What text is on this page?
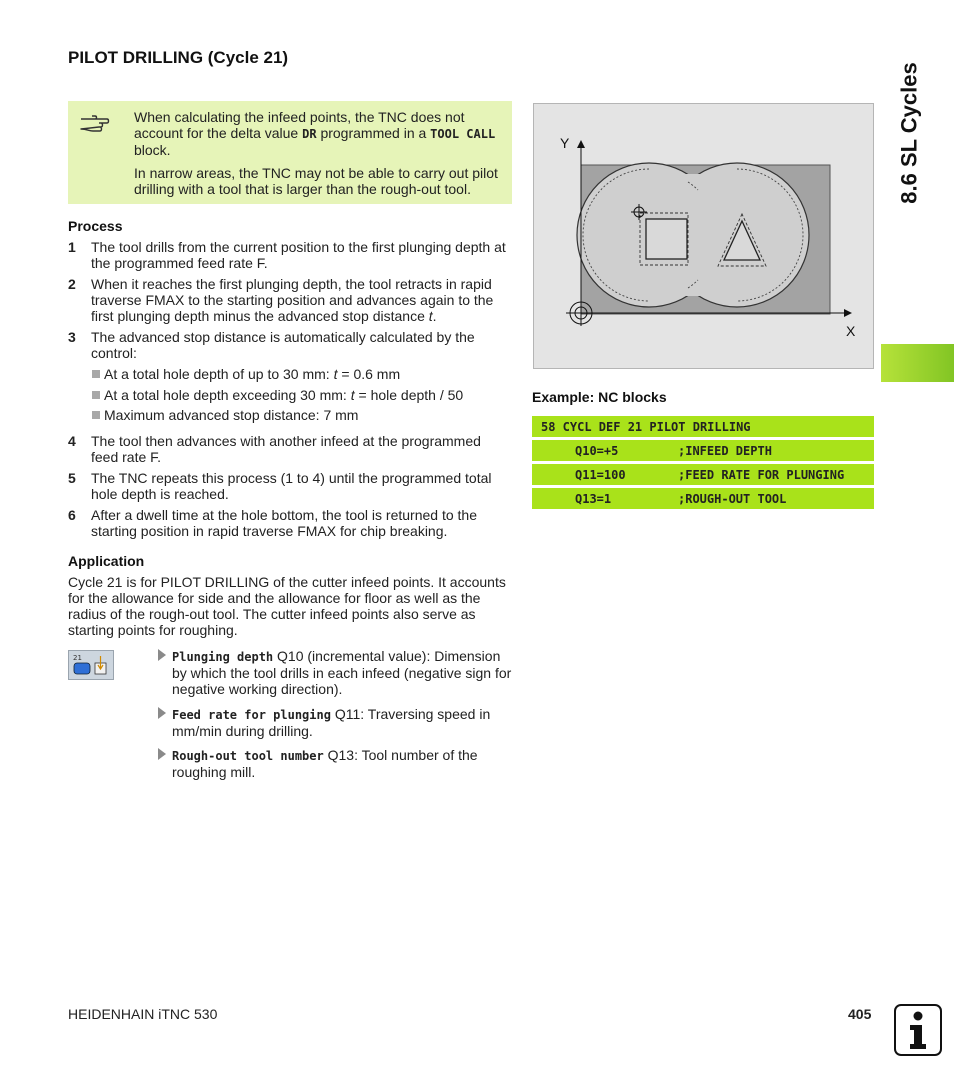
PILOT DRILLING (Cycle 21)
8.6 SL Cycles
When calculating the infeed points, the TNC does not account for the delta value DR programmed in a TOOL CALL block.
In narrow areas, the TNC may not be able to carry out pilot drilling with a tool that is larger than the rough-out tool.
Process
1 The tool drills from the current position to the first plunging depth at the programmed feed rate F.
2 When it reaches the first plunging depth, the tool retracts in rapid traverse FMAX to the starting position and advances again to the first plunging depth minus the advanced stop distance t.
3 The advanced stop distance is automatically calculated by the control:
At a total hole depth of up to 30 mm: t = 0.6 mm
At a total hole depth exceeding 30 mm: t = hole depth / 50
Maximum advanced stop distance: 7 mm
4 The tool then advances with another infeed at the programmed feed rate F.
5 The TNC repeats this process (1 to 4) until the programmed total hole depth is reached.
6 After a dwell time at the hole bottom, the tool is returned to the starting position in rapid traverse FMAX for chip breaking.
Application
Cycle 21 is for PILOT DRILLING of the cutter infeed points. It accounts for the allowance for side and the allowance for floor as well as the radius of the rough-out tool. The cutter infeed points also serve as starting points for roughing.
21	Plunging depth Q10 (incremental value): Dimension by which the tool drills in each infeed (negative sign for negative working direction).
Feed rate for plunging Q11: Traversing speed in mm/min during drilling.
Rough-out tool number Q13: Tool number of the roughing mill.
Y
X
Example: NC blocks
58 CYCL DEF 21 PILOT DRILLING
Q10=+5	;INFEED DEPTH
Q11=100	;FEED RATE FOR PLUNGING
Q13=1	;ROUGH-OUT TOOL
HEIDENHAIN iTNC 530	405
